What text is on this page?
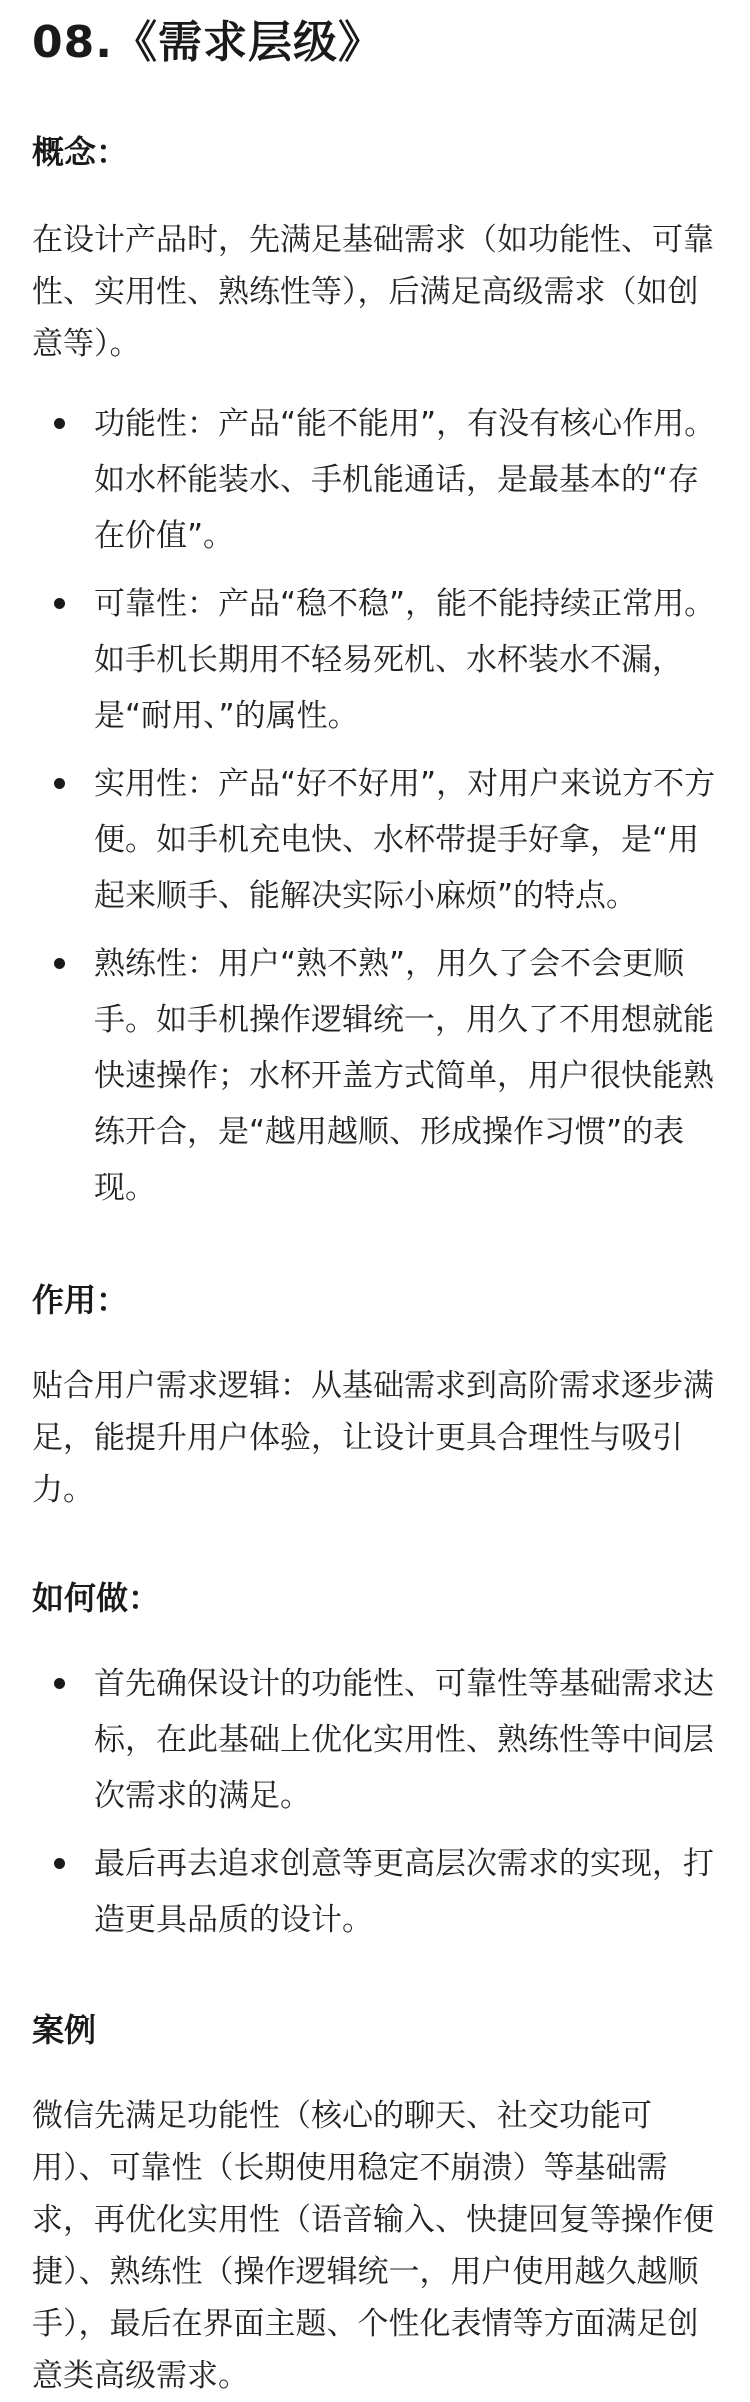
08.《需求层级》
概念：

在设计产品时，先满足基础需求（如功能性、可靠性、实用性、熟练性等），后满足高级需求（如创意等）。

功能性：产品“能不能用”，有没有核心作用。如水杯能装水、手机能通话，是最基本的“存在价值”。
可靠性：产品“稳不稳”，能不能持续正常用。如手机长期用不轻易死机、水杯装水不漏，是“耐用、”的属性。
实用性：产品“好不好用”，对用户来说方不方便。如手机充电快、水杯带提手好拿，是“用起来顺手、能解决实际小麻烦”的特点。
熟练性：用户“熟不熟”，用久了会不会更顺手。如手机操作逻辑统一，用久了不用想就能快速操作；水杯开盖方式简单，用户很快能熟练开合，是“越用越顺、形成操作习惯”的表现。
作用：

贴合用户需求逻辑：从基础需求到高阶需求逐步满足，能提升用户体验，让设计更具合理性与吸引力。

如何做：
首先确保设计的功能性、可靠性等基础需求达标，在此基础上优化实用性、熟练性等中间层次需求的满足。
最后再去追求创意等更高层次需求的实现，打造更具品质的设计。
案例

微信先满足功能性（核心的聊天、社交功能可用）、可靠性（长期使用稳定不崩溃）等基础需求，再优化实用性（语音输入、快捷回复等操作便捷）、熟练性（操作逻辑统一，用户使用越久越顺手），最后在界面主题、个性化表情等方面满足创意类高级需求。
